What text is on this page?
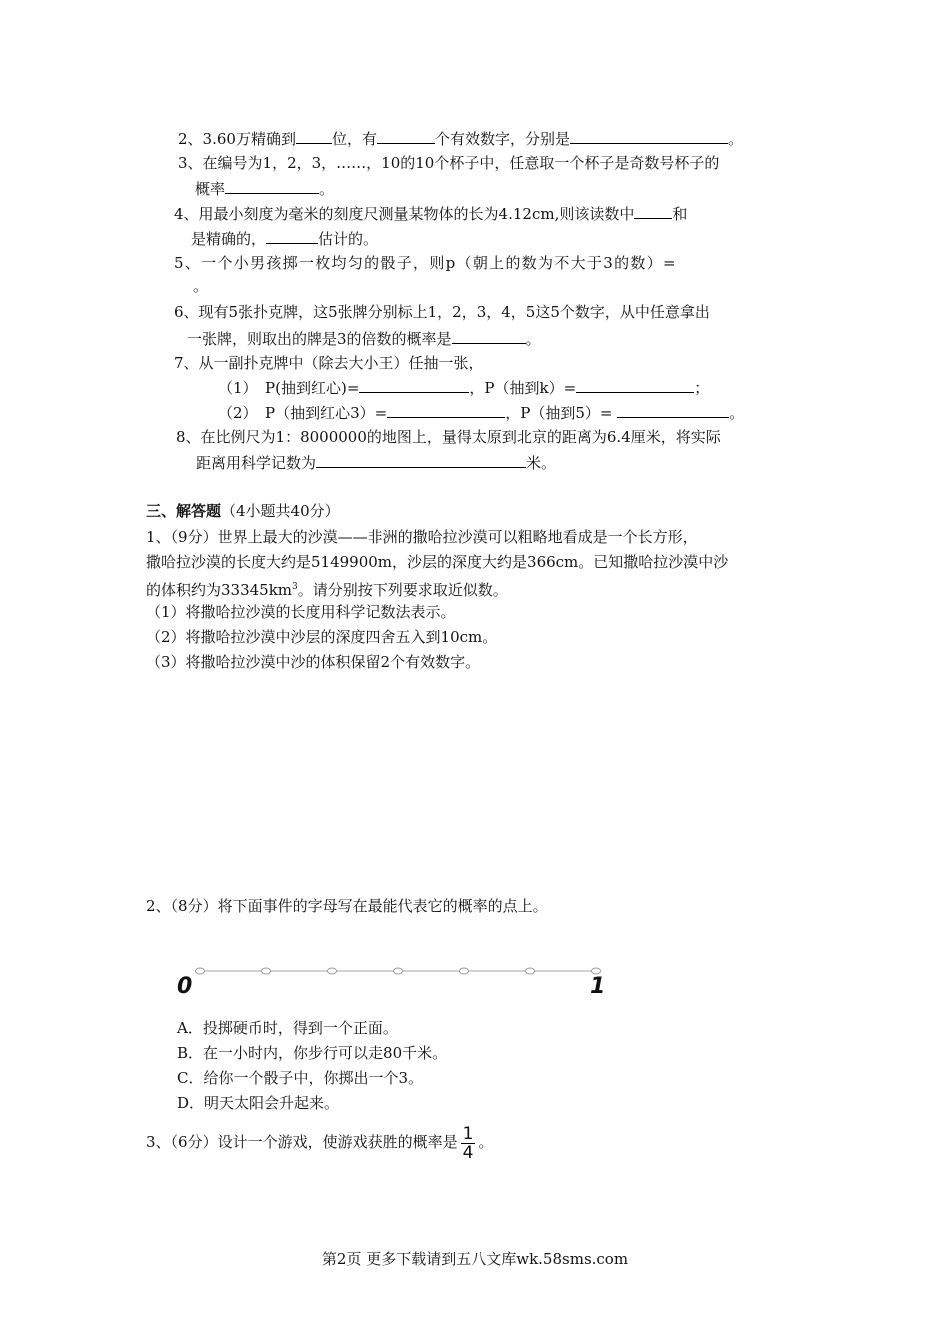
2、3.60万精确到 位，有	个有效数字，分别是	。
3、在编号为1，2，3，……，10的10个杯子中，任意取一个杯子是奇数号杯子的
概率	。
4、用最小刻度为毫米的刻度尺测量某物体的长为4.12cm,则该读数中	和
是精确的，	估计的。
5、一个小男孩掷一枚均匀的骰子，则p（朝上的数为不大于3的数）=
。
6、现有5张扑克牌，这5张牌分别标上1，2，3，4，5这5个数字，从中任意拿出
一张牌，则取出的牌是3的倍数的概率是	。
7、从一副扑克牌中（除去大小王）任抽一张，
（1）　P(抽到红心)=	，P（抽到k）=	；
（2）　P（抽到红心3）=	，P（抽到5）=	。
8、在比例尺为1：8000000的地图上，量得太原到北京的距离为6.4厘米，将实际
距离用科学记数为	米。
三、解答题（4小题共40分）
1、（9分）世界上最大的沙漠——非洲的撒哈拉沙漠可以粗略地看成是一个长方形，
撒哈拉沙漠的长度大约是5149900m，沙层的深度大约是366cm。已知撒哈拉沙漠中沙
的体积约为$33345km^3$。请分别按下列要求取近似数。
（1）将撒哈拉沙漠的长度用科学记数法表示。
（2）将撒哈拉沙漠中沙层的深度四舍五入到10cm。
（3）将撒哈拉沙漠中沙的体积保留2个有效数字。
2、（8分）将下面事件的字母写在最能代表它的概率的点上。
0	1
A．投掷硬币时，得到一个正面。
B．在一小时内，你步行可以走80千米。
C．给你一个骰子中，你掷出一个3。
D．明天太阳会升起来。
3、（6分）设计一个游戏，使游戏获胜的概率是 $\frac{1}{4}$ 。
第2页 更多下载请到五八文库wk.58sms.com
